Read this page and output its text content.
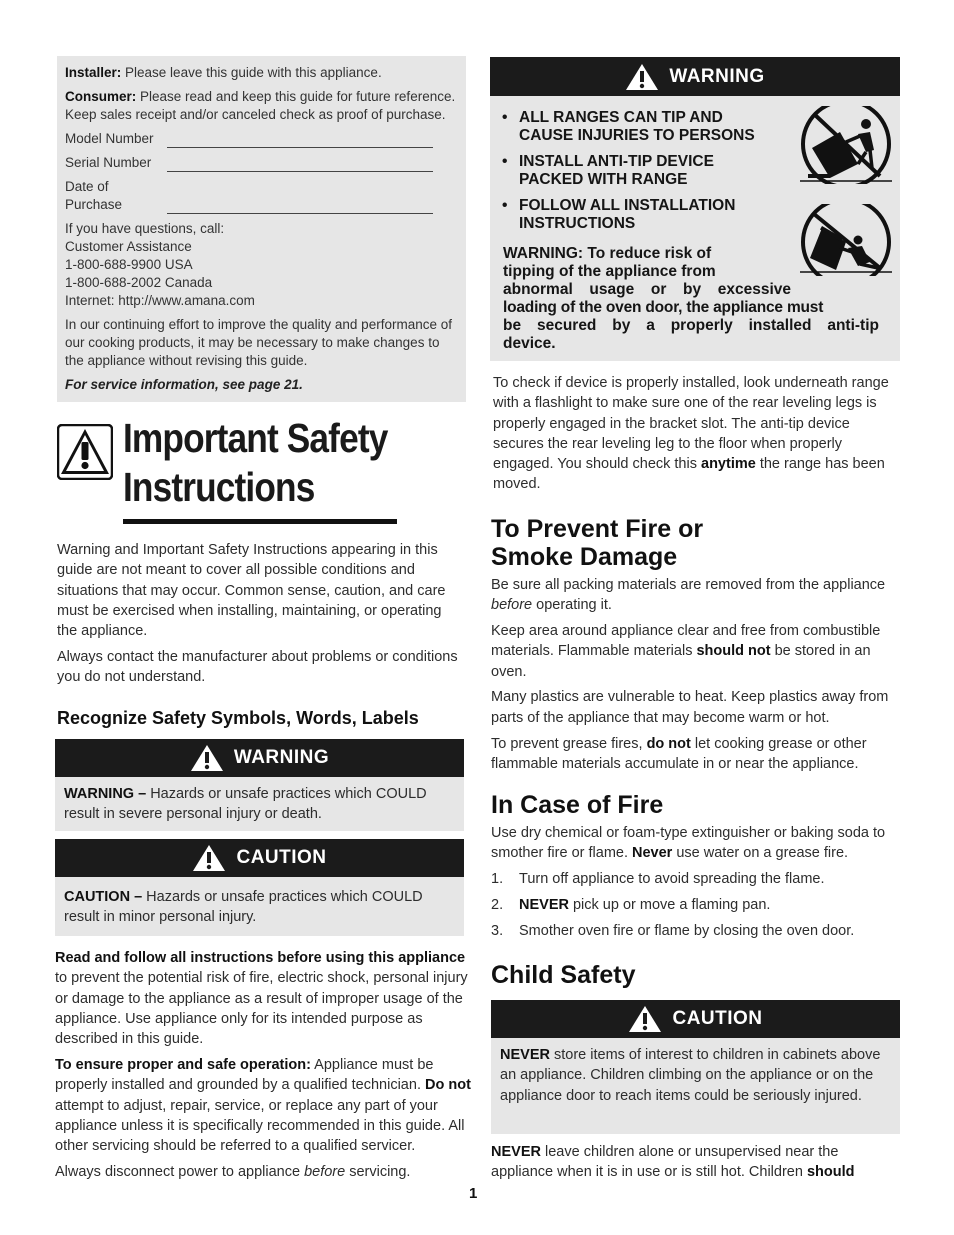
Installer: Please leave this guide with this appliance.

Consumer: Please read and keep this guide for future reference. Keep sales receipt and/or canceled check as proof of purchase.

Model Number
Serial Number
Date of Purchase
If you have questions, call:
Customer Assistance
1-800-688-9900 USA
1-800-688-2002 Canada
Internet: http://www.amana.com

In our continuing effort to improve the quality and performance of our cooking products, it may be necessary to make changes to the appliance without revising this guide.

For service information, see page 21.

Important Safety
Instructions

Warning and Important Safety Instructions appearing in this guide are not meant to cover all possible conditions and situations that may occur. Common sense, caution, and care must be exercised when installing, maintaining, or operating the appliance.

Always contact the manufacturer about problems or conditions you do not understand.

Recognize Safety Symbols, Words, Labels
WARNING
WARNING – Hazards or unsafe practices which COULD result in severe personal injury or death.
CAUTION
CAUTION – Hazards or unsafe practices which COULD result in minor personal injury.

Read and follow all instructions before using this appliance to prevent the potential risk of fire, electric shock, personal injury or damage to the appliance as a result of improper usage of the appliance. Use appliance only for its intended purpose as described in this guide.

To ensure proper and safe operation: Appliance must be properly installed and grounded by a qualified technician. Do not attempt to adjust, repair, service, or replace any part of your appliance unless it is specifically recommended in this guide. All other servicing should be referred to a qualified servicer.

Always disconnect power to appliance before servicing.

1
WARNING
• ALL RANGES CAN TIP AND
CAUSE INJURIES TO PERSONS
• INSTALL ANTI-TIP DEVICE
PACKED WITH RANGE
• FOLLOW ALL INSTALLATION
INSTRUCTIONS
WARNING: To reduce risk of
tipping of the appliance from
abnormal usage or by excessive
loading of the oven door, the appliance must
be secured by a properly installed anti-tip
device.

To check if device is properly installed, look underneath range with a flashlight to make sure one of the rear leveling legs is properly engaged in the bracket slot. The anti-tip device secures the rear leveling leg to the floor when properly engaged. You should check this anytime the range has been moved.

To Prevent Fire or
Smoke Damage

Be sure all packing materials are removed from the appliance before operating it.

Keep area around appliance clear and free from combustible materials. Flammable materials should not be stored in an oven.

Many plastics are vulnerable to heat. Keep plastics away from parts of the appliance that may become warm or hot.

To prevent grease fires, do not let cooking grease or other flammable materials accumulate in or near the appliance.

In Case of Fire

Use dry chemical or foam-type extinguisher or baking soda to smother fire or flame. Never use water on a grease fire.

1.	Turn off appliance to avoid spreading the flame.
2.	NEVER pick up or move a flaming pan.
3.	Smother oven fire or flame by closing the oven door.
Child Safety
CAUTION
NEVER store items of interest to children in cabinets above an appliance. Children climbing on the appliance or on the appliance door to reach items could be seriously injured.

NEVER leave children alone or unsupervised near the appliance when it is in use or is still hot. Children should
